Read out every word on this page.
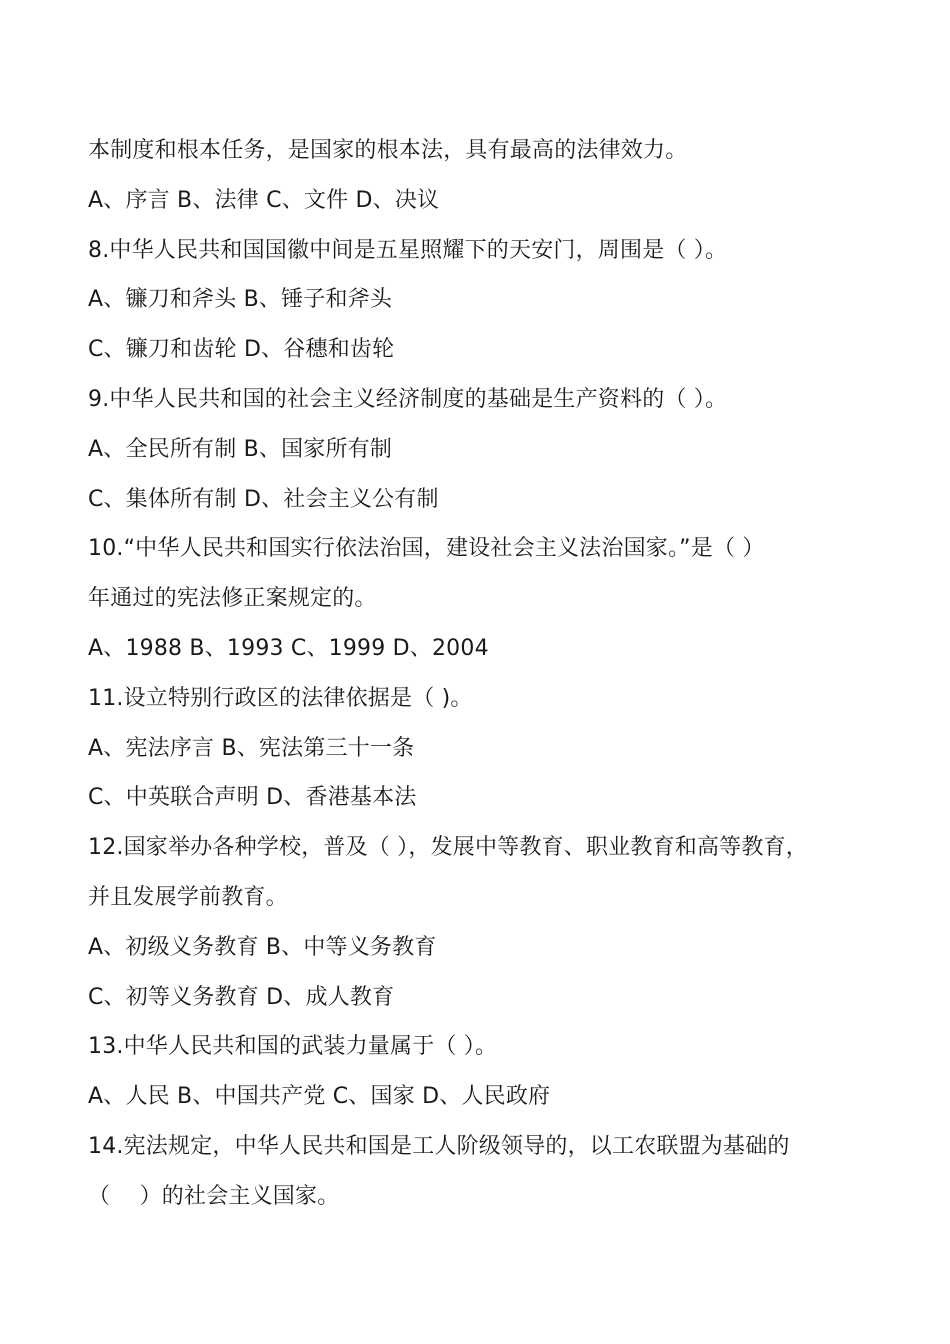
本制度和根本任务，是国家的根本法，具有最高的法律效力。
A、序言 B、法律 C、文件 D、决议
8.中华人民共和国国徽中间是五星照耀下的天安门，周围是（ ）。
A、镰刀和斧头 B、锤子和斧头
C、镰刀和齿轮 D、谷穗和齿轮
9.中华人民共和国的社会主义经济制度的基础是生产资料的（ ）。
A、全民所有制 B、国家所有制
C、集体所有制 D、社会主义公有制
10.“中华人民共和国实行依法治国，建设社会主义法治国家。”是（ ）
年通过的宪法修正案规定的。
A、1988 B、1993 C、1999 D、2004
11.设立特别行政区的法律依据是（ )。
A、宪法序言 B、宪法第三十一条
C、中英联合声明 D、香港基本法
12.国家举办各种学校，普及（ ），发展中等教育、职业教育和高等教育，
并且发展学前教育。
A、初级义务教育 B、中等义务教育
C、初等义务教育 D、成人教育
13.中华人民共和国的武装力量属于（ ）。
A、人民 B、中国共产党 C、国家 D、人民政府
14.宪法规定，中华人民共和国是工人阶级领导的，以工农联盟为基础的
（　 ）的社会主义国家。
